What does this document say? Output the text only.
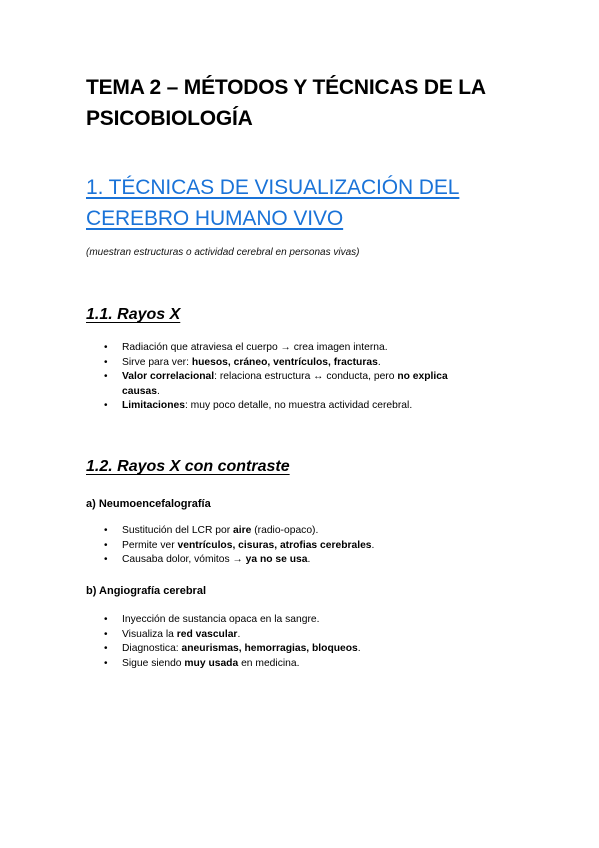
TEMA 2 – MÉTODOS Y TÉCNICAS DE LA PSICOBIOLOGÍA
1. TÉCNICAS DE VISUALIZACIÓN DEL CEREBRO HUMANO VIVO

(muestran estructuras o actividad cerebral en personas vivas)

1.1. Rayos X
• Radiación que atraviesa el cuerpo → crea imagen interna.
• Sirve para ver: huesos, cráneo, ventrículos, fracturas.
• Valor correlacional: relaciona estructura ↔ conducta, pero no explica causas.
• Limitaciones: muy poco detalle, no muestra actividad cerebral.
1.2. Rayos X con contraste

a) Neumoencefalografía

• Sustitución del LCR por aire (radio-opaco).
• Permite ver ventrículos, cisuras, atrofias cerebrales.
• Causaba dolor, vómitos → ya no se usa.

b) Angiografía cerebral

• Inyección de sustancia opaca en la sangre.
• Visualiza la red vascular.
• Diagnostica: aneurismas, hemorragias, bloqueos.
• Sigue siendo muy usada en medicina.
